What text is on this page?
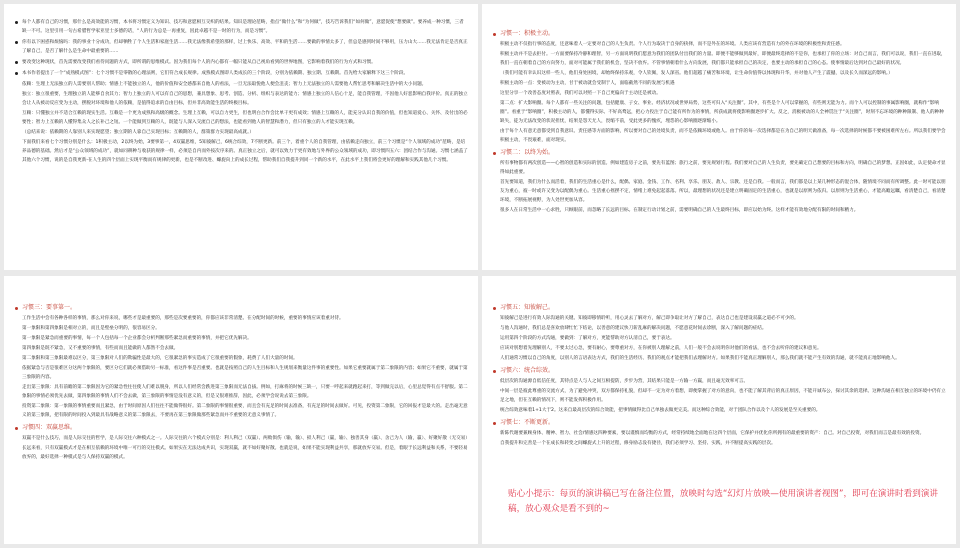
每个人都有自己的习惯，那什么是高效能的习惯，本书将习惯定义为知识、技巧和意愿相互交织的结果。知识是理论范畴，指点“做什么”和“为何做”，技巧告诉我们“如何做”，意愿促使“想要做”。要养成一种习惯，三者缺一不可。这里引用一句古希腊哲学家亚里士多德的话，“人的行为总是一再重复，因此卓越不是一时的行为，而是习惯”。
你有以下困惑和烦恼吗：我的事业十分成功，但却牺牲了个人生活和家庭生活……我无法像我希望的那样，过上快乐、高效、平和的生活……要做的事情太多了，但总是感到时间不够用，压力山大……我无法肯定是否真正了解自己，是否了解什么是生命中最重要的……
要改变这种现状，首先需要改变我们看待问题的方式，即所谓的思维模式。因为我们每个人的内心都有一幅只能从自己视角看到的世界地图，它影响着我们的行为方式和习惯。
本书作者提出了一个“成熟模式图”：七个习惯不是零散的心理法则，它们符合成长规律。成熟模式图即人类成长的三个阶段，分别为依赖期、独立期、互赖期。首先给大家解释下这三个阶段。
依赖：生理上无法独立的人需要别人帮助；情感上不能独立的人，他的价值和安全感都来自他人的看法，一旦无法取悦他人便会沮丧；智力上无法独立的人需要他人帮忙思考和解决生活中的大小问题。
独立：独立很重要，生理独立的人能够自食其力；智力上独立的人可以有自己的思想，兼具想象、思考、创造、分析、组织与表达的能力；情感上独立的人信心十足，能自我管理，不因他人好恶影响自我评价。真正的独立会让人从被动反应变为主动，摆脱对环境和他人的依赖，是值得追求的自由目标，但并非高效能生活的终极目标。
互赖：只懂独立并不适合互赖的现实生活。互赖是一个更为成熟和高级的概念。生理上互赖，可以自力更生，但也明白合作会比单干更有成效；情感上互赖的人，能充分认识自我的价值，但也知道爱心、关怀、及付出的必要性；智力上互赖的人懂得集众人之长补己之短。一个能做到互赖的人，既能与人深入交流自己的想法，也能看到他人的智慧和潜力，但只有独立的人才能实现互赖。
（总结来说：依赖期的人靠别人来实现愿望；独立期的人靠自己实现目标；互赖期的人，群策群力实现最高成就。）
下面我们来看七个习惯分别是什么：1积极主动，2以终为始，3要事第一，4双赢思维，5知彼解己，6统合综效，7不断更新。前三个，着重个人的自我管理，由依赖走向独立，前三个习惯是“个人领域的成功”范畴，是培养品德的基础。然后才是“公众领域的成功”，就如同耕种与收获的规律一样，必须是自内而外按次序来的。真正独立之后，就可以致力于更有效地与外界的公众领域的成功，即习惯四五六：团结合作与沟通。习惯七涵盖了其他六个习惯，说的是自我更新-在人生的四个层面上实现平衡而有规律的更新，也是不断改进、螺旋向上的成长过程，帮助我们自我提升到同一个新的水平，在此水平上我们将会更好的理解和实践其他几个习惯。
习惯一：积极主动。
积极主动不仅指行事的态度，还意味着人一定要对自己的人生负责。个人行为取决于自身的抉择，而不是外在的环境。人类应该有营造有力的外在环境的积极性和责任感。
积极主动并不是去拒付。一方面要保持冷静和理智，另一方面说明我们愿意为我们的团队付出我们的力量。即便不能够做到最好，即便最终选择的不是你，也承担了你的立场：对自己而言，我们可以说，我们一直在进取，我们一直在朝着自己的方向努力，面对可能属于我们的机会，坚决不放弃。不管事情朝着什么方向发展，我们都只能承担自己的决定，也要主动的承担自己的心态。使事情最后达到对自己最好的状况。
（我们可能有幸认识这样一些人，他们身处困境，却始终保持乐观，令人钦佩，发人深省。他们超越了痛苦和环境，让生命价值得以体现和升华，并对他人产生了震撼，以及长久而深远的影响。）
积极主动的一点：变被动为主动，甘于被动就会受制于人，面临截然不同的发展与机遇
这里分享一个改善态度对照表，我们可以对照一下自己更偏向于主动还是被动。
第二点：扩大影响圈。每个人都有一些关注的问题，包括健康、子女、事业、经济状况或世界局势，这些可归入“关注圈”。其中，有些是个人可以掌握的，有些则无能为力。而个人可以控制的事属影响圈，就称作“影响圈”。看重于“影响圈”，积极主动的人，都懂得实际、不好高骛远，把心力投注于自己能有所作为的事情，所获成就将使影响圈逐步扩大。反之，消极被动的人全神贯注于“关注圈”，时刻不忘环境的种种限制、他人的种种缺失，徒为无法改变的状况担忧，结果是怨天尤人，畏缩不前，受此更多的愧疚，埋怨的心影响圈逐渐缩小。
由于每个人有意无意都受到自我意识、责任感等方面的影响，所以要对自己的处境负责，而不是依赖环境或他人。由于你的每一次选择都是在为自己的明天做准备，每一次选择的时候都不要被困难所左右。所以我们要学会积极主动，不畏艰难，面对现实。
习惯二：以终为始。
所有事物都有两次创造——心智的创造和实际的创造。例如建造房子之前，要先有蓝图；旅行之前，要先规划行程。我们要对自己的人生负责，要先确定自己想要的目标和方向，明确自己的梦想。正因如此，认定使命才显得如此重要。
首先要知道，我们为什么而活着，我们的生活重心是什么，配偶、家庭、金钱、工作、名利、享乐、朋友、敌人、宗教、还是自我。一般而言，我们都是以上某几种形态的混合体，随情境不同而有所调整。此一时可能以朋友为重心，彼一时或许又变为以配偶为重心。生活重心摇摆不定，情绪上难免起起落落。所以，最理想的状况还是建立明确固定的生活重心，也就是以原则为依归。以原则为生活重心，才能高瞻远瞩，看清楚自己，看清楚环境，不断拓展视野，为人处世更加从容。
很多人在日常生活中一心求胜，只顾眼前，而忽略了长远的目标。在制定行动计划之前，需要明确自己的人生最终目标，即应以始为终。这样才能有效地分配有限的时间和精力。
习惯三：要事第一。
工作生活中会有各种各样的事情，那么对你来说，哪些才是最重要的，那些是次要重要的，你都应该非常清楚。在分配时间的时候，重要的事情应该着重对待。
第一象限和第四象限是相对立的，而且是壁垒分明的，很容易区分。
第一象限是紧急而重要的事情，每一个人包括每一个企业都会分析判断那些紧急而重要的事情，并把它优先解决。
第四象限是既不紧急，又不重要的事情，有些而而且能做的人都然不会去做。
第二象限和第三象限最难以区分，第三象限对人们的欺骗性是最大的，它很紧急的事实造成了它很重要的假象，耗费了人们大量的时间。
依据紧急与否是很难区分这两个象限的，要区分它们就必须借助另一标准，看这件事是否重要。也就是按照自己的人生目标和人生规划来衡量这件事的重要性。如果它重要就属于第二象限的内容；如果它不重要，就属于第三象限的内容。
走出第三象限：具有前瞻的第二象限因为它的紧急性往往使人们难以脱身，所以人们经常会跌进第三象限而无法自拔。例如，打麻将的时候三缺一，只要一呼起来就跑起来打，等到做完以后，心里总觉得有点不舒服。第二象限的事情必须优先去做，第四象限的事情人们不会去做，第三象限的事情是没有意义的，但是又很难推辞，因此，必须学会说说去第三象限。
投资第二象限：第一象限的事情重要而且紧急，由于时间原因人们往往不能做得很好。第二象限的事情很重要，而且会有充足的时间去准备，有充足的时间去做好。可见，投资第二象限，它的回报才是最大的。走出毫无意义的第三象限，把有限的时间投入到最具有战略意义的第二象限去，不要再在第三象限做那些紧急而并不重要的无意义事情了。
习惯四：双赢思维。
双赢不是什么技巧，而是人际交往的哲学，是人际交往六种模式之一。人际交往的六个模式分别是：利人利己（双赢）、两败俱伤（输，输）、损人利己（赢，输）、独善其身（赢）、舍己为人（输，赢）、好聚好散（无交易）
长远来看，只有双赢模式才是在相互依赖的环境中唯一可行的交往模式。如果实在无法达成共识，实现双赢，就不如好聚好散。也就是说，如果不能实现利益共享，那就放弃交易。但是，着眼于长远利益和关系，不要轻易放弃的，最好选择一种模式是与人保持双赢的模式。
习惯五：知彼解己。
知彼解己是进行有效人际沟通的关键。知彼即移情聆听，用心灵去了解对方，解己即争取让对方了解自己，表达自己也是建设双赢之道必不可少的。
与他人沟通时，我们总是喜欢放肆忙忙下结论，以善意的建议快刀斩乱麻的解决问题，不愿意花时间去诊断，深入了解问题的症结。
运用第四个阶段的方式沟通，要做到：了解对方，更能帮助对方认清自己，要于表达。
应该对别想着先理解别人，不要太过心急，要有耐心，要尊重对方，在你被别人理解之前，人们一般不会去说明你对他们的看法，也不会去听你的建议和意见。
人们通常习惯以自己的角度，以别人的言语表达方式，我们的生活经历、我们的观点才能把我们去理解对方。如果我们不能真正理解别人，那么我们就不能产生有效的沟通，就不能真正地影响他人。
习惯六：统合综效。
低层次的沟通源自低信任度，其特点是人与人之间互相提防，步步为营，其结果只能是一方输一方赢，而且毫无效率可言。
中间一层是彼此尊重的交流方式，为了避免冲突，双方都保持礼貌，但却不一定为对方着想，即便掌握了对方的意向，也不能了解其背后的真正原因，不能开诚布公，探讨其余的选择。这种沟通在相互独立的环境中仍有立足之地，但在互赖的情况下，则不能发挥积极作用。
统合综效意味着1+1大于2。这来自最高层次的综合效能，把事情做得比自己单独去做更完美。而这种综合效能，对于团队合作以及个人的发展是至关重要的。
习惯七：不断更新。
新陈代谢要兼顾身体、精神、智力、社会/情感这四种要素，要以谨慎而均衡的方式，经常持续地全面地在这四个层面，它保护并优化你所拥有的最重要的资产：自己。对自己投资，对我们而言是最有效的投资。
自我提升和完善是一个在成长和转变之间螺旋式上升的过程，修身励志没有捷径，我们必须学习、坚持、实践，并不断提高实践的层次。
贴心小提示：每页的演讲稿已写在备注位置，放映时勾选“幻灯片放映—使用演讲者视图”，即可在演讲时看到演讲稿，放心观众是看不到的~
